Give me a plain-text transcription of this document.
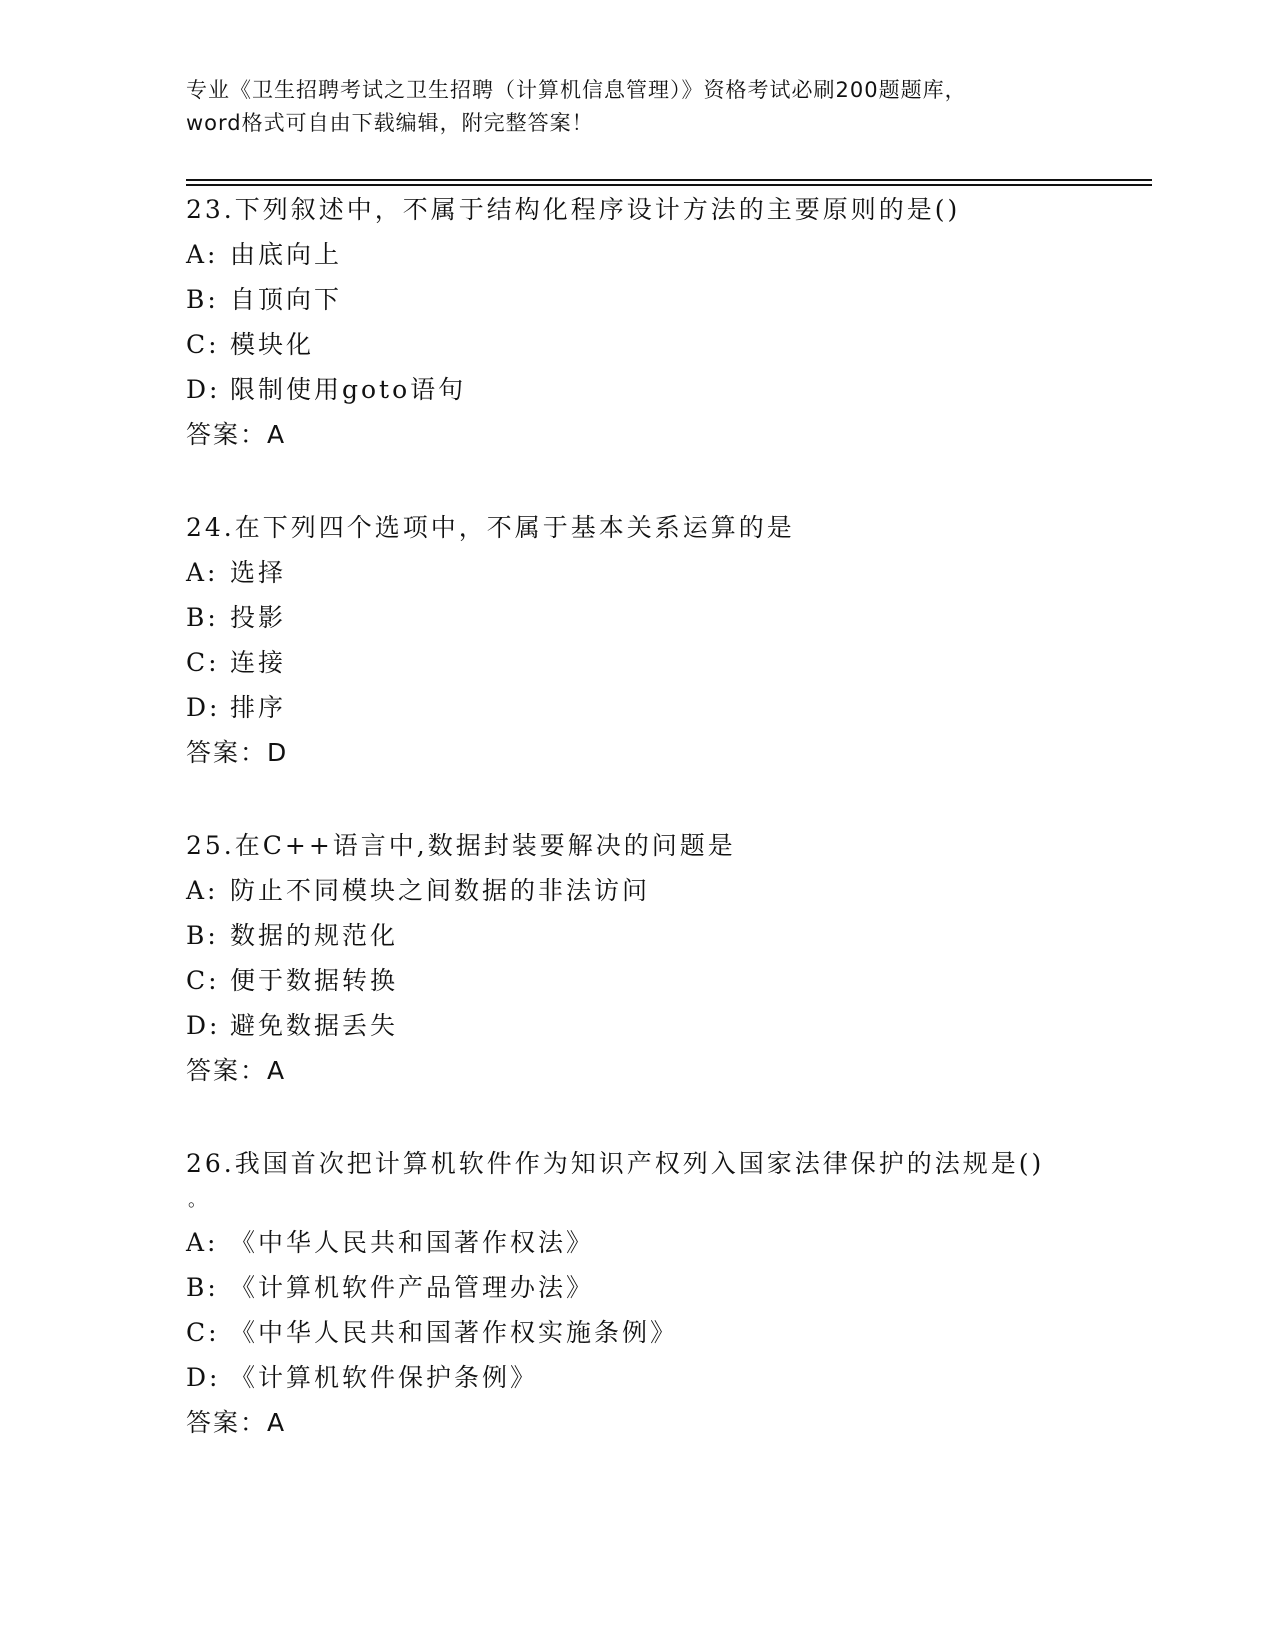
专业《卫生招聘考试之卫生招聘（计算机信息管理）》资格考试必刷200题题库，
word格式可自由下载编辑，附完整答案！
23.下列叙述中，不属于结构化程序设计方法的主要原则的是()
A: 由底向上
B: 自顶向下
C: 模块化
D: 限制使用goto语句
答案：A
24.在下列四个选项中，不属于基本关系运算的是
A: 选择
B: 投影
C: 连接
D: 排序
答案：D
25.在C++语言中,数据封装要解决的问题是
A: 防止不同模块之间数据的非法访问
B: 数据的规范化
C: 便于数据转换
D: 避免数据丢失
答案：A
26.我国首次把计算机软件作为知识产权列入国家法律保护的法规是()
。
A: 《中华人民共和国著作权法》
B: 《计算机软件产品管理办法》
C: 《中华人民共和国著作权实施条例》
D: 《计算机软件保护条例》
答案：A
